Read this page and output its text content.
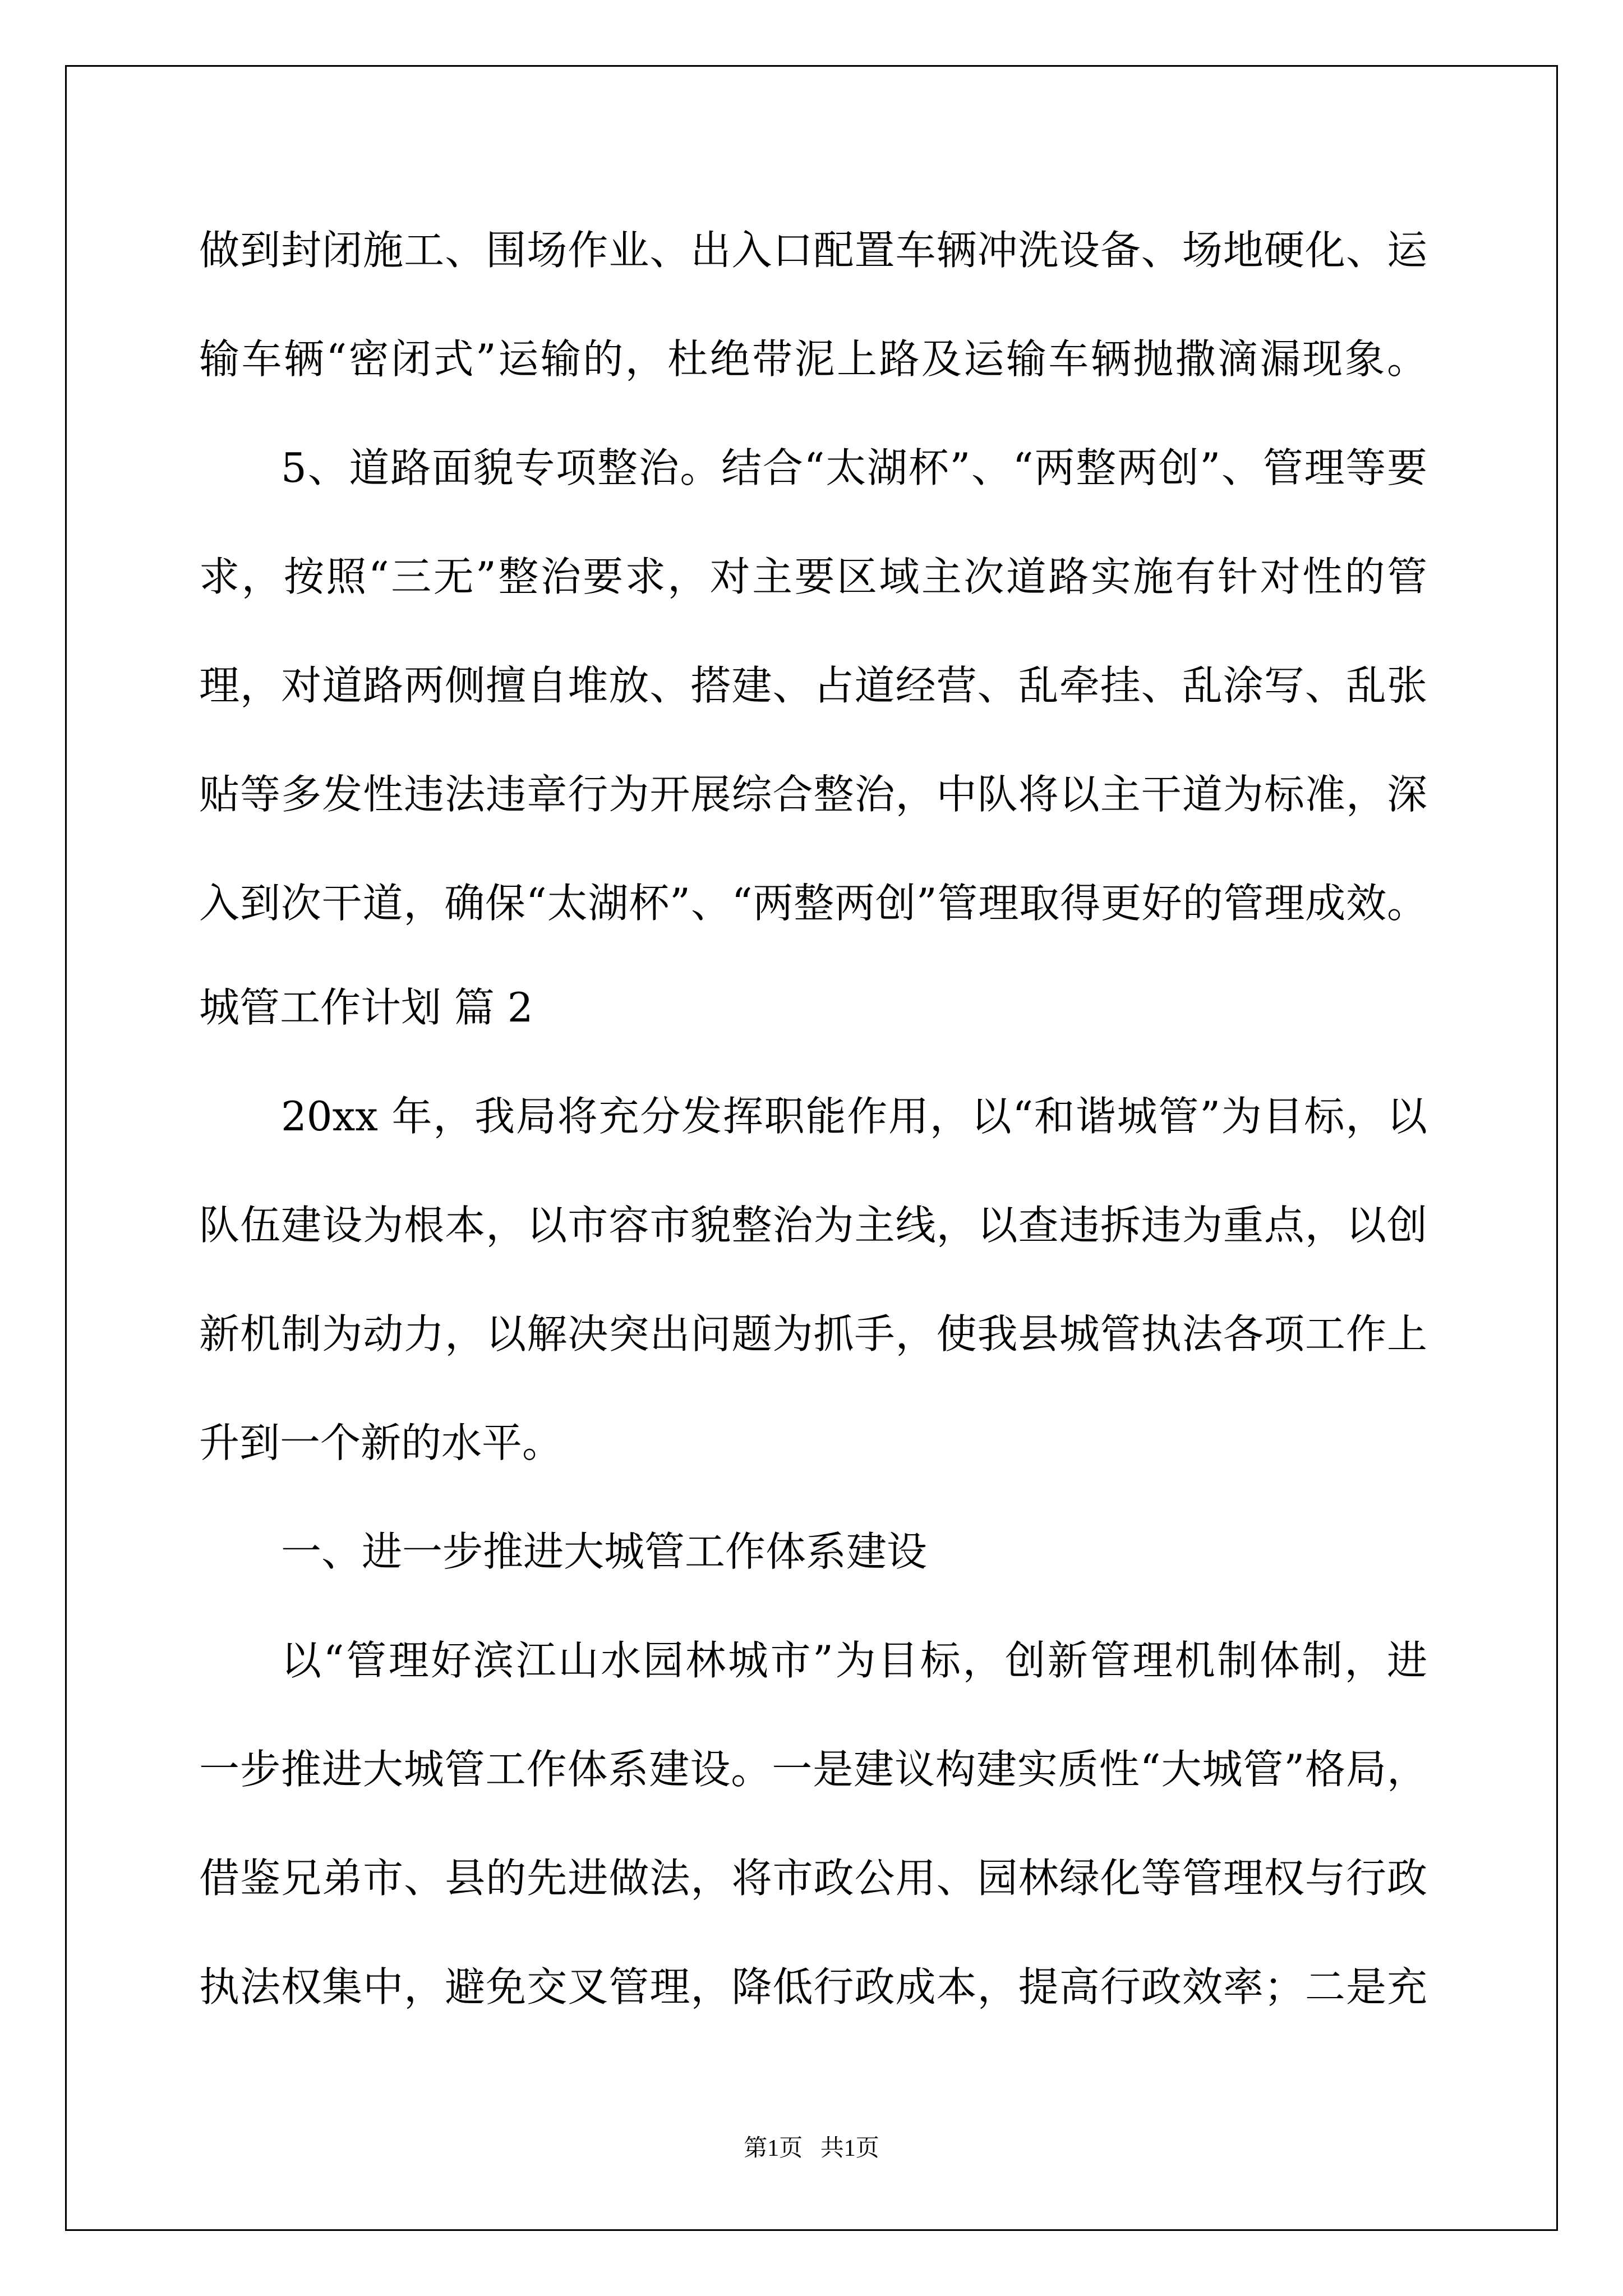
做到封闭施工、围场作业、出入口配置车辆冲洗设备、场地硬化、运
输车辆“密闭式”运输的，杜绝带泥上路及运输车辆抛撒滴漏现象。
5、道路面貌专项整治。结合“太湖杯”、“两整两创”、管理等要
求，按照“三无”整治要求，对主要区域主次道路实施有针对性的管
理，对道路两侧擅自堆放、搭建、占道经营、乱牵挂、乱涂写、乱张
贴等多发性违法违章行为开展综合整治，中队将以主干道为标准，深
入到次干道，确保“太湖杯”、“两整两创”管理取得更好的管理成效。
城管工作计划 篇 2
20xx 年，我局将充分发挥职能作用，以“和谐城管”为目标，以
队伍建设为根本，以市容市貌整治为主线，以查违拆违为重点，以创
新机制为动力，以解决突出问题为抓手，使我县城管执法各项工作上
升到一个新的水平。
一、进一步推进大城管工作体系建设
以“管理好滨江山水园林城市”为目标，创新管理机制体制，进
一步推进大城管工作体系建设。一是建议构建实质性“大城管”格局，
借鉴兄弟市、县的先进做法，将市政公用、园林绿化等管理权与行政
执法权集中，避免交叉管理，降低行政成本，提高行政效率；二是充
第1页   共1页
